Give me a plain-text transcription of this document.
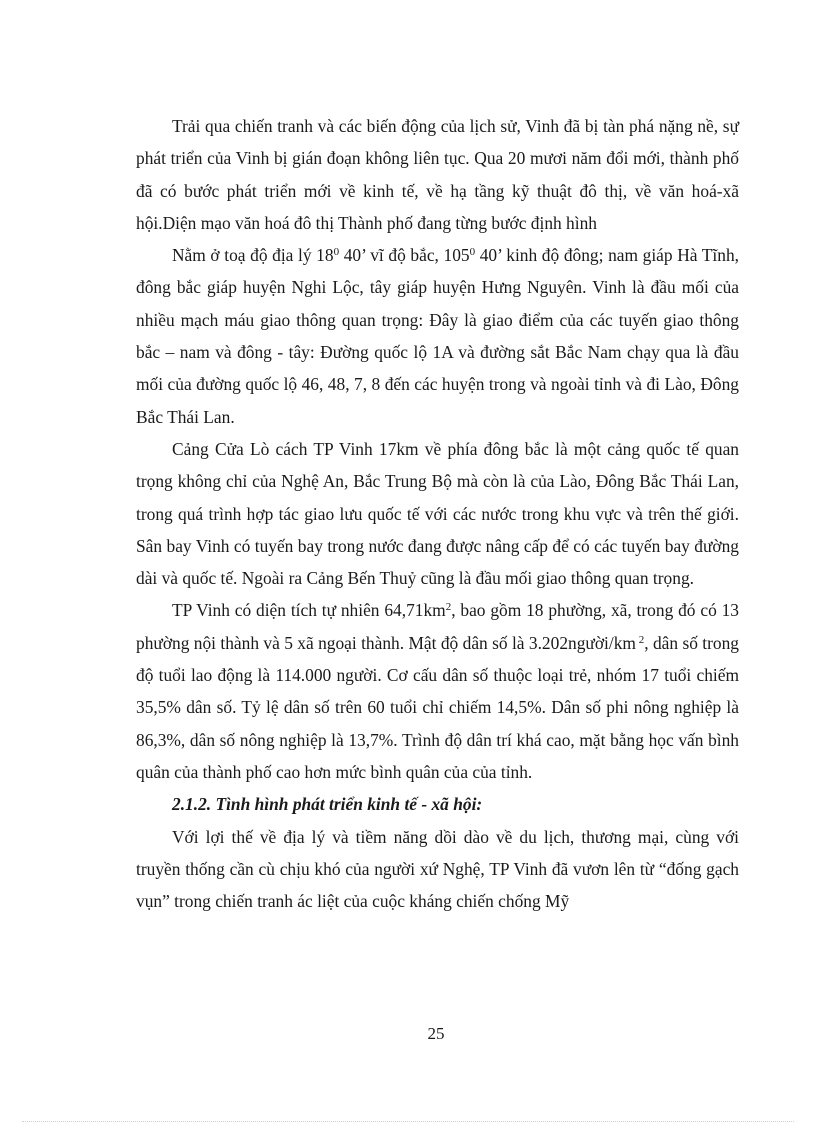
Trải qua chiến tranh và các biến động của lịch sử, Vinh đã bị tàn phá nặng nề, sự phát triển của Vinh bị gián đoạn không liên tục. Qua 20 mươi năm đổi mới, thành phố đã có bước phát triển mới về kinh tế, về hạ tầng kỹ thuật đô thị, về văn hoá-xã hội.Diện mạo văn hoá đô thị Thành phố đang từng bước định hình

Nằm ở toạ độ địa lý $18^0$ 40’ vĩ độ bắc, $105^0$ 40’ kinh độ đông; nam giáp Hà Tĩnh, đông bắc giáp huyện Nghi Lộc, tây giáp huyện Hưng Nguyên. Vinh là đầu mối của nhiều mạch máu giao thông quan trọng: Đây là giao điểm của các tuyến giao thông bắc – nam và đông - tây: Đường quốc lộ 1A và đường sắt Bắc Nam chạy qua là đầu mối của đường quốc lộ 46, 48, 7, 8 đến các huyện trong và ngoài tỉnh và đi Lào, Đông Bắc Thái Lan.

Cảng Cửa Lò cách TP Vinh 17km về phía đông bắc là một cảng quốc tế quan trọng không chỉ của Nghệ An, Bắc Trung Bộ mà còn là của Lào, Đông Bắc Thái Lan, trong quá trình hợp tác giao lưu quốc tế với các nước trong khu vực và trên thế giới. Sân bay Vinh có tuyến bay trong nước đang được nâng cấp để có các tuyến bay đường dài và quốc tế. Ngoài ra Cảng Bến Thuỷ cũng là đầu mối giao thông quan trọng.

TP Vinh có diện tích tự nhiên $64,71km^2$, bao gồm 18 phường, xã, trong đó có 13 phường nội thành và 5 xã ngoại thành. Mật độ dân số là 3.202người/km $^2$, dân số trong độ tuổi lao động là 114.000 người. Cơ cấu dân số thuộc loại trẻ, nhóm 17 tuổi chiếm 35,5% dân số. Tỷ lệ dân số trên 60 tuổi chỉ chiếm 14,5%. Dân số phi nông nghiệp là 86,3%, dân số nông nghiệp là 13,7%. Trình độ dân trí khá cao, mặt bằng học vấn bình quân của thành phố cao hơn mức bình quân của của tỉnh.

2.1.2. Tình hình phát triển kinh tế - xã hội:

Với lợi thế về địa lý và tiềm năng dồi dào về du lịch, thương mại, cùng với truyền thống cần cù chịu khó của người xứ Nghệ, TP Vinh đã vươn lên từ “đống gạch vụn” trong chiến tranh ác liệt của cuộc kháng chiến chống Mỹ

25
